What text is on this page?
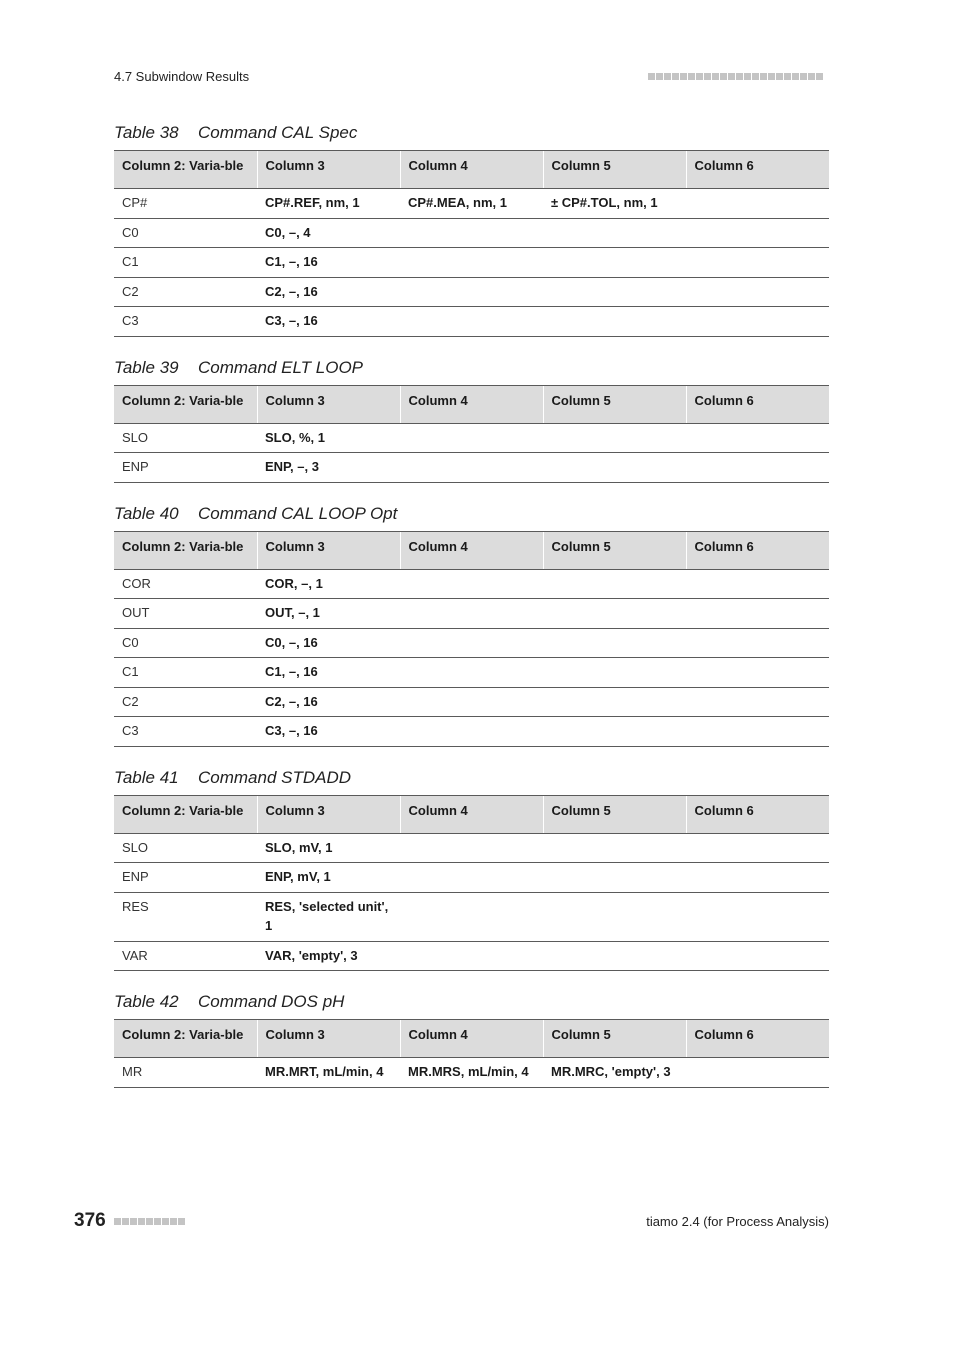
4.7 Subwindow Results
Table 38 Command CAL Spec
Column 2: Varia-ble	Column 3	Column 4	Column 5	Column 6
CP#	CP#.REF, nm, 1	CP#.MEA, nm, 1	± CP#.TOL, nm, 1	
C0	C0, –, 4			
C1	C1, –, 16			
C2	C2, –, 16			
C3	C3, –, 16			
Table 39 Command ELT LOOP
Column 2: Varia-ble	Column 3	Column 4	Column 5	Column 6
SLO	SLO, %, 1			
ENP	ENP, –, 3			
Table 40 Command CAL LOOP Opt
Column 2: Varia-ble	Column 3	Column 4	Column 5	Column 6
COR	COR, –, 1			
OUT	OUT, –, 1			
C0	C0, –, 16			
C1	C1, –, 16			
C2	C2, –, 16			
C3	C3, –, 16			
Table 41 Command STDADD
Column 2: Varia-ble	Column 3	Column 4	Column 5	Column 6
SLO	SLO, mV, 1			
ENP	ENP, mV, 1			
RES	RES, 'selected unit', 1			
VAR	VAR, 'empty', 3			
Table 42 Command DOS pH
Column 2: Varia-ble	Column 3	Column 4	Column 5	Column 6
MR	MR.MRT, mL/min, 4	MR.MRS, mL/min, 4	MR.MRC, 'empty', 3	
376	tiamo 2.4 (for Process Analysis)
